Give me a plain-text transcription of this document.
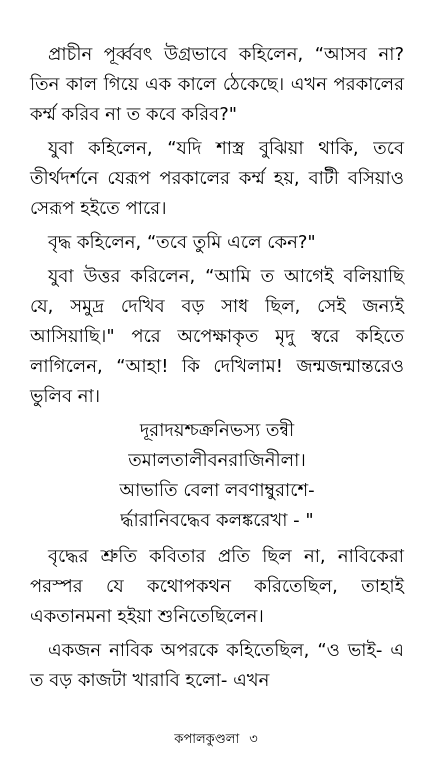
প্রাচীন পূর্ব্ববৎ উগ্রভাবে কহিলেন, “আসব না? তিন কাল গিয়ে এক কালে ঠেকেছে। এখন পরকালের কর্ম্ম করিব না ত কবে করিব?"

যুবা কহিলেন, “যদি শাস্ত্র বুঝিয়া থাকি, তবে তীর্থদর্শনে যেরূপ পরকালের কর্ম্ম হয়, বাটী বসিয়াও সেরূপ হইতে পারে।

বৃদ্ধ কহিলেন, “তবে তুমি এলে কেন?"

যুবা উত্তর করিলেন, “আমি ত আগেই বলিয়াছি যে, সমুদ্র দেখিব বড় সাধ ছিল, সেই জন্যই আসিয়াছি।" পরে অপেক্ষাকৃত মৃদু স্বরে কহিতে লাগিলেন, “আহা! কি দেখিলাম! জন্মজন্মান্তরেও ভুলিব না।

দূরাদয়শ্চক্রনিভস্য তন্বী
তমালতালীবনরাজিনীলা।
আভাতি বেলা লবণাম্বুরাশে-
র্দ্ধারানিবদ্ধেব কলঙ্করেখা - "

বৃদ্ধের শ্রুতি কবিতার প্রতি ছিল না, নাবিকেরা পরস্পর যে কথোপকথন করিতেছিল, তাহাই একতানমনা হইয়া শুনিতেছিলেন।

একজন নাবিক অপরকে কহিতেছিল, “ও ভাই- এ ত বড় কাজটা খারাবি হলো- এখন

কপালকুণ্ডলা ৩
